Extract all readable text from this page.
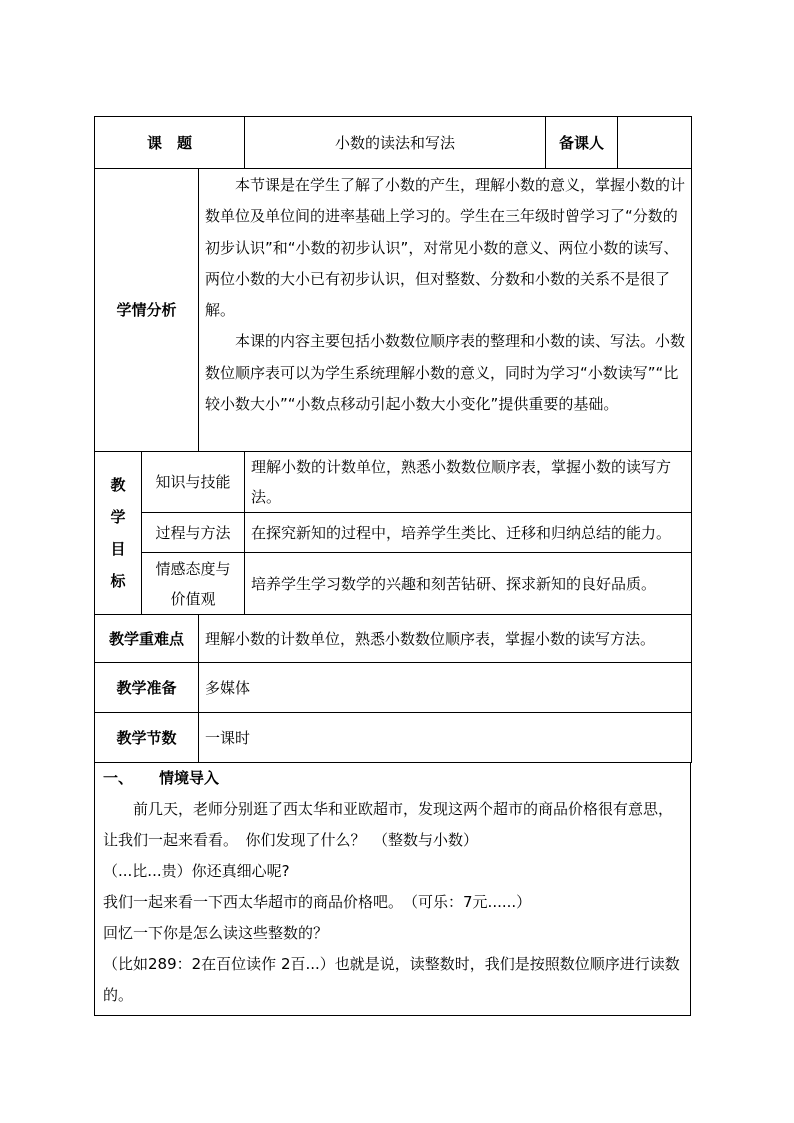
课　题			小数的读法和写法	备课人	
学情分析		本节课是在学生了解了小数的产生，理解小数的意义，掌握小数的计数单位及单位间的进率基础上学习的。学生在三年级时曾学习了“分数的初步认识”和“小数的初步认识”，对常见小数的意义、两位小数的读写、两位小数的大小已有初步认识，但对整数、分数和小数的关系不是很了解。

本课的内容主要包括小数数位顺序表的整理和小数的读、写法。小数数位顺序表可以为学生系统理解小数的意义，同时为学习“小数读写”“比较小数大小”“小数点移动引起小数大小变化”提供重要的基础。			

教
学
目
标	知识与技能		理解小数的计数单位，熟悉小数数位顺序表，掌握小数的读写方法。		
	过程与方法		在探究新知的过程中，培养学生类比、迁移和归纳总结的能力。		

	情感态度与
价值观		培养学生学习数学的兴趣和刻苦钻研、探求新知的良好品质。		
教学重难点		理解小数的计数单位，熟悉小数数位顺序表，掌握小数的读写方法。			
教学准备		多媒体			
教学节数		一课时			

一、 情境导入

前几天，老师分别逛了西太华和亚欧超市，发现这两个超市的商品价格很有意思，让我们一起来看看。　你们发现了什么？　（整数与小数）

（...比...贵）你还真细心呢?

我们一起来看一下西太华超市的商品价格吧。　（可乐：7元......）

回忆一下你是怎么读这些整数的？

（比如289：2在百位读作 2百...）也就是说，读整数时，我们是按照数位顺序进行读数的。
